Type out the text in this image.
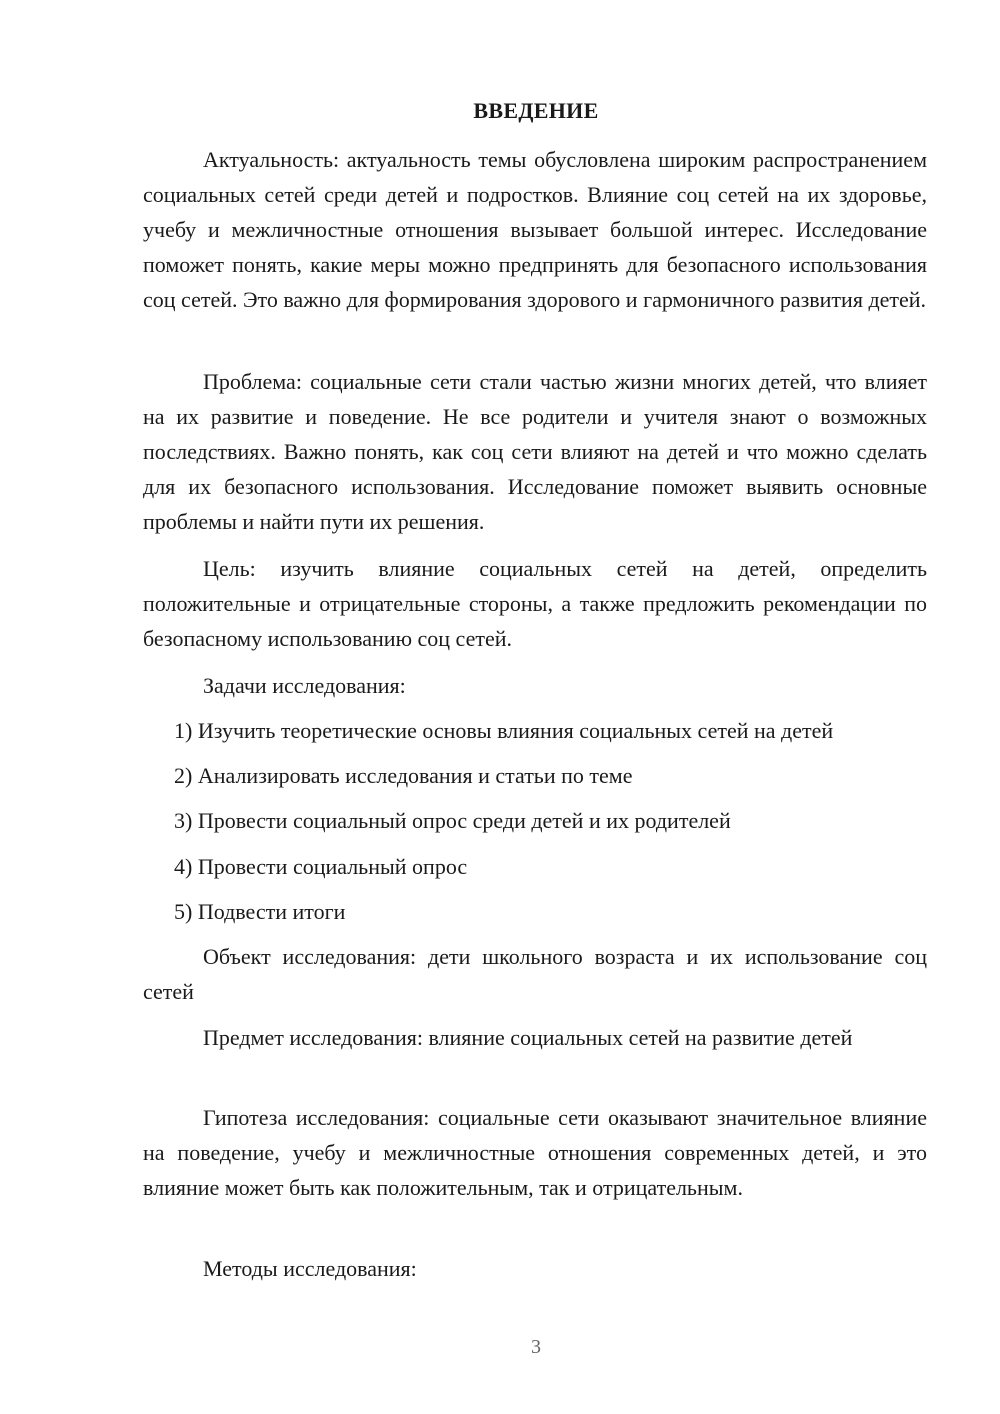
ВВЕДЕНИЕ

Актуальность: актуальность темы обусловлена широким распространением социальных сетей среди детей и подростков. Влияние соц сетей на их здоровье, учебу и межличностные отношения вызывает большой интерес. Исследование поможет понять, какие меры можно предпринять для безопасного использования соц сетей. Это важно для формирования здорового и гармоничного развития детей.

Проблема: социальные сети стали частью жизни многих детей, что влияет на их развитие и поведение. Не все родители и учителя знают о возможных последствиях. Важно понять, как соц сети влияют на детей и что можно сделать для их безопасного использования. Исследование поможет выявить основные проблемы и найти пути их решения.

Цель: изучить влияние социальных сетей на детей, определить положительные и отрицательные стороны, а также предложить рекомендации по безопасному использованию соц сетей.

Задачи исследования:

1) Изучить теоретические основы влияния социальных сетей на детей
2) Анализировать исследования и статьи по теме
3) Провести социальный опрос среди детей и их родителей
4) Провести социальный опрос
5) Подвести итоги

Объект исследования: дети школьного возраста и их использование соц сетей

Предмет исследования: влияние социальных сетей на развитие детей

Гипотеза исследования: социальные сети оказывают значительное влияние на поведение, учебу и межличностные отношения современных детей, и это влияние может быть как положительным, так и отрицательным.

Методы исследования:

3
